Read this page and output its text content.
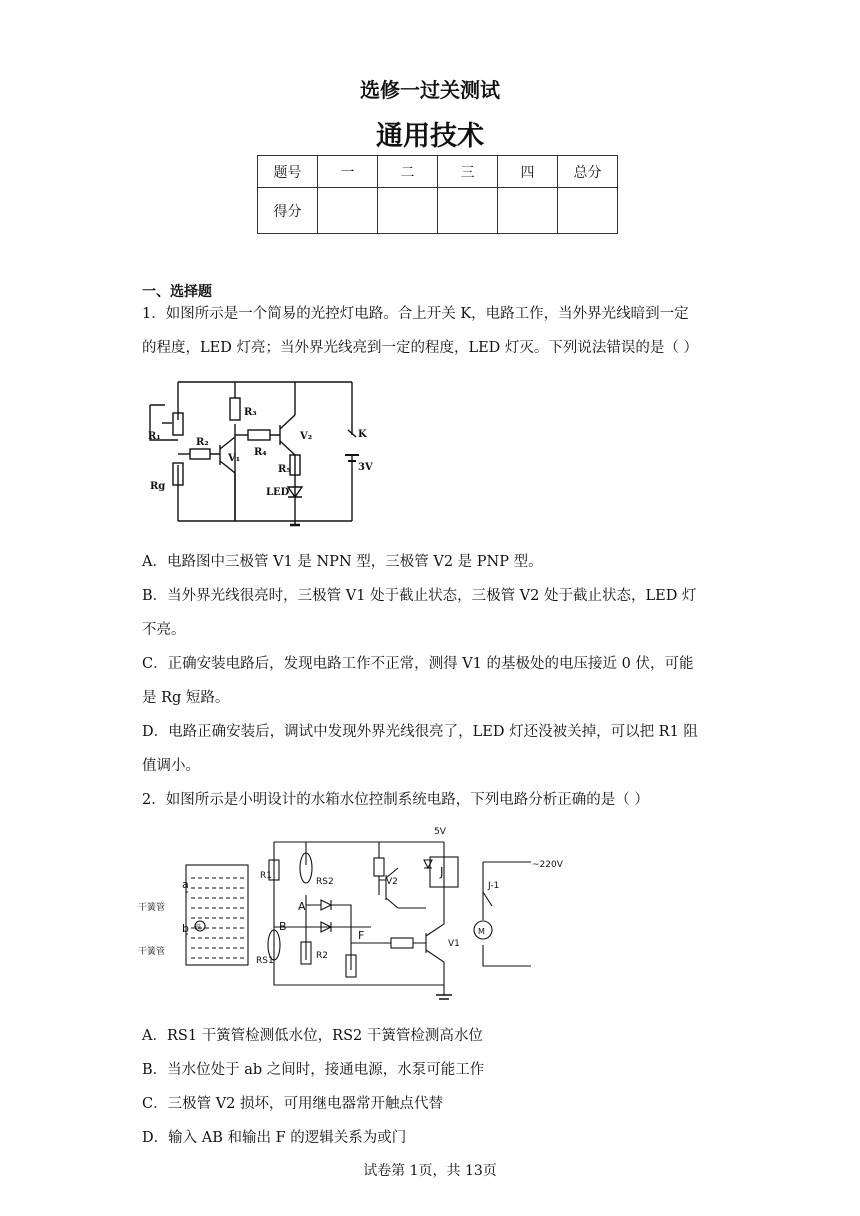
选修一过关测试
通用技术
题号	一	二	三	四	总分
得分					
一、选择题
1．如图所示是一个简易的光控灯电路。合上开关 K，电路工作，当外界光线暗到一定
的程度，LED 灯亮；当外界光线亮到一定的程度，LED 灯灭。下列说法错误的是（ ）
R₁
R₂
R₃
R₄
R₅
V₁
V₂
Rg
LED
K
3V
A．电路图中三极管 V1 是 NPN 型，三极管 V2 是 PNP 型。
B．当外界光线很亮时，三极管 V1 处于截止状态，三极管 V2 处于截止状态，LED 灯
不亮。
C．正确安装电路后，发现电路工作不正常，测得 V1 的基极处的电压接近 0 伏，可能
是 Rg 短路。
D．电路正确安装后，调试中发现外界光线很亮了，LED 灯还没被关掉，可以把 R1 阻
值调小。
2．如图所示是小明设计的水箱水位控制系统电路，下列电路分析正确的是（ ）
5V
~220V
J
J-1
R1
RS2	V2
A
B
F
V1
RS1	R2
a
b
干簧管
干簧管
M
磁
A．RS1 干簧管检测低水位，RS2 干簧管检测高水位
B．当水位处于 ab 之间时，接通电源，水泵可能工作
C．三极管 V2 损坏，可用继电器常开触点代替
D．输入 AB 和输出 F 的逻辑关系为或门
试卷第 1页，共 13页
